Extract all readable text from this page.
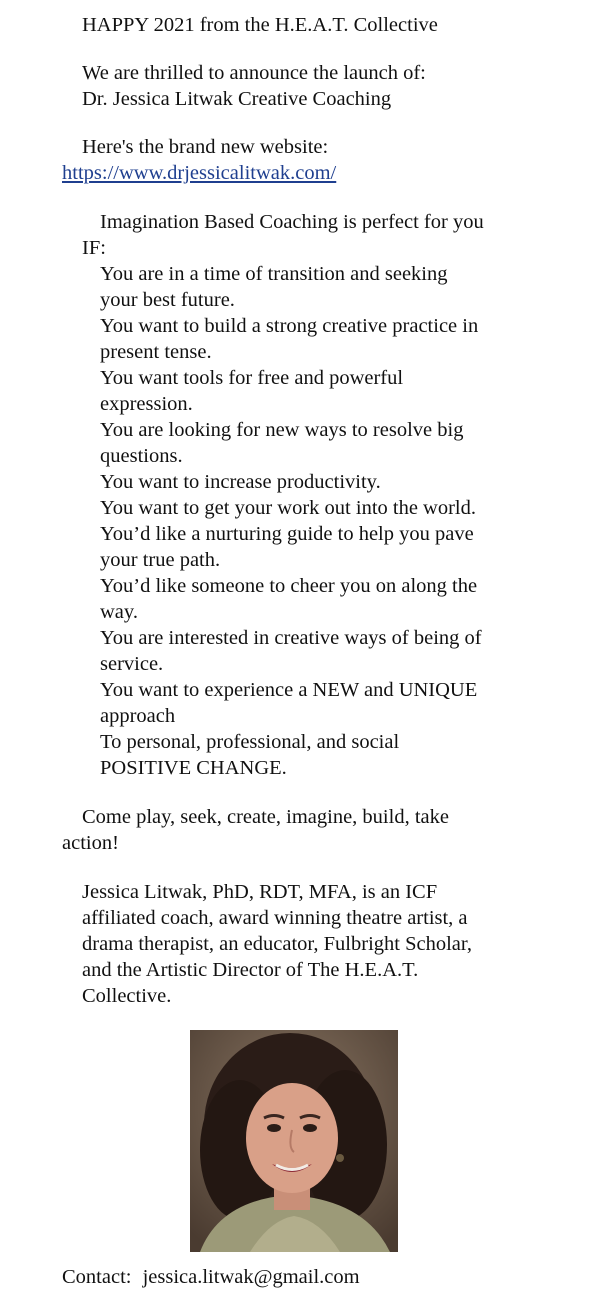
HAPPY 2021 from the H.E.A.T. Collective
We are thrilled to announce the launch of:
Dr. Jessica Litwak Creative Coaching
Here's the brand new website:
https://www.drjessicalitwak.com/
Imagination Based Coaching is perfect for you
IF:
You are in a time of transition and seeking
your best future.
You want to build a strong creative practice in
present tense.
You want tools for free and powerful
expression.
You are looking for new ways to resolve big
questions.
You want to increase productivity.
You want to get your work out into the world.
You’d like a nurturing guide to help you pave
your true path.
You’d like someone to cheer you on along the
way.
You are interested in creative ways of being of
service.
You want to experience a NEW and UNIQUE
approach
To personal, professional, and social
POSITIVE CHANGE.
Come play, seek, create, imagine, build, take
action!
Jessica Litwak, PhD, RDT, MFA, is an ICF
affiliated coach, award winning theatre artist, a
drama therapist, an educator, Fulbright Scholar,
and the Artistic Director of The H.E.A.T.
Collective.
Contact: jessica.litwak@gmail.com
